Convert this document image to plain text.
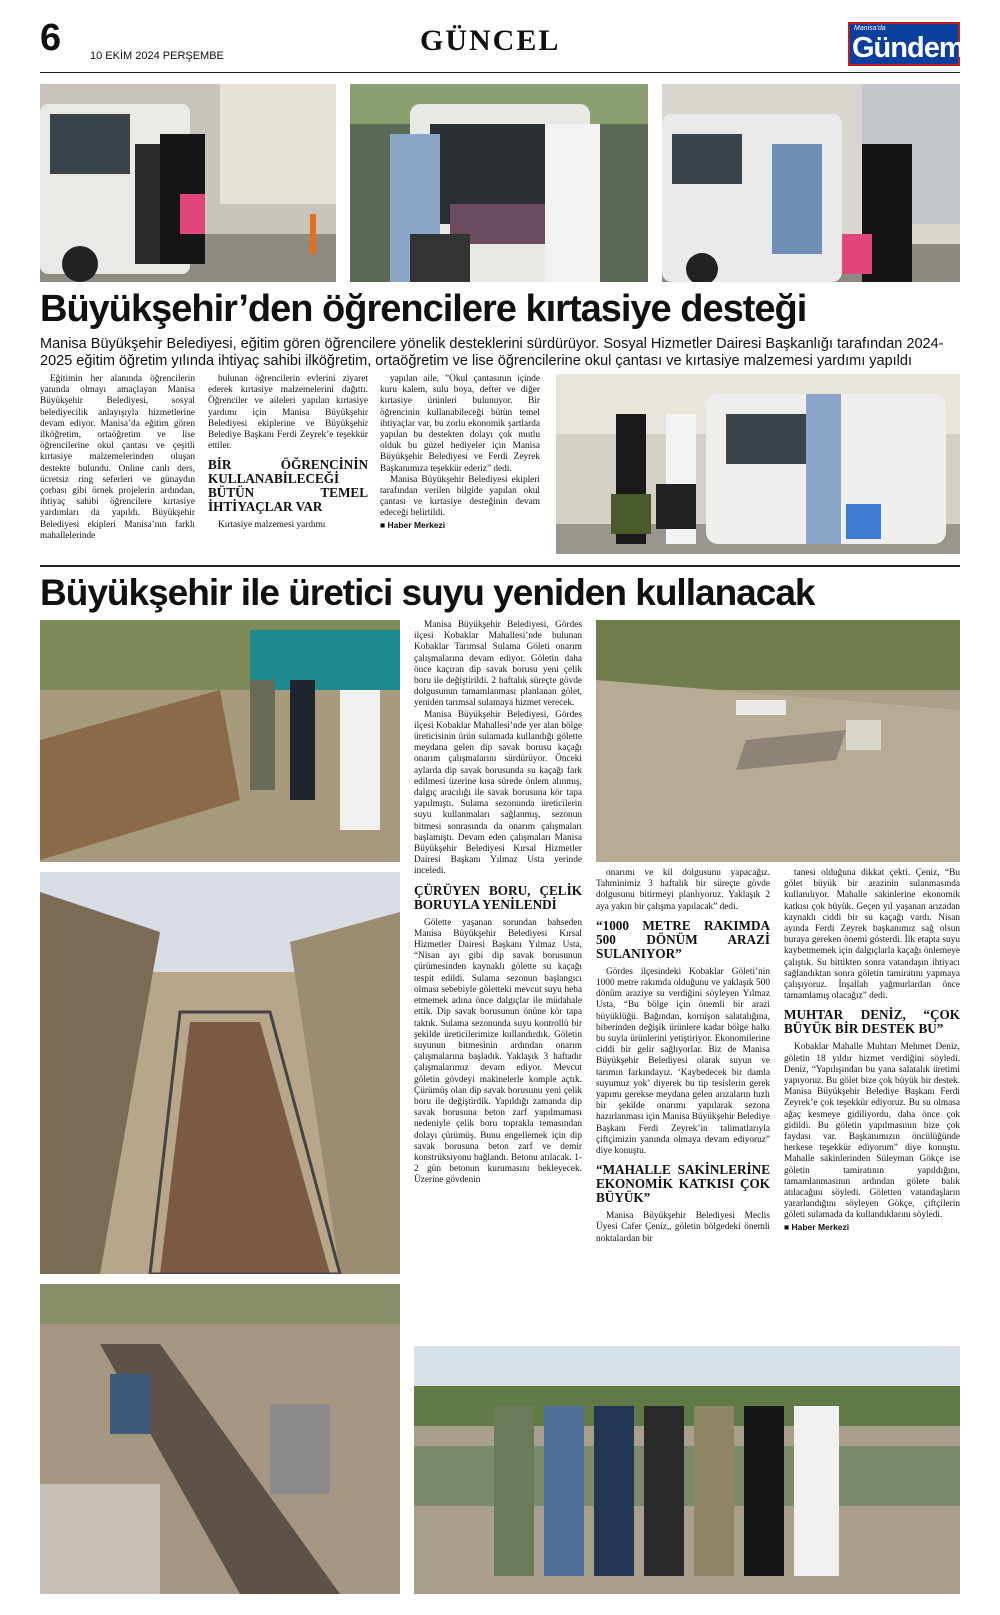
6	10 EKİM 2024 PERŞEMBE	GÜNCEL	Manisa'da
Gündem
Büyükşehir’den öğrencilere kırtasiye desteği
Manisa Büyükşehir Belediyesi, eğitim gören öğrencilere yönelik desteklerini sürdürüyor. Sosyal Hizmetler Dairesi Başkanlığı tarafından 2024-2025 eğitim öğretim yılında ihtiyaç sahibi ilköğretim, ortaöğretim ve lise öğrencilerine okul çantası ve kırtasiye malzemesi yardımı yapıldı

Eğitimin her alanında öğrencilerin yanında olmayı amaçlayan Manisa Büyükşehir Belediyesi, sosyal belediyecilik anlayışıyla hizmetlerine devam ediyor. Manisa’da eğitim gören ilköğretim, ortaöğretim ve lise öğrencilerine okul çantası ve çeşitli kırtasiye malzemelerinden oluşan destekte bulundu. Online canlı ders, ücretsiz ring seferleri ve günaydın çorbası gibi örnek projelerin ardından, ihtiyaç sahibi öğrencilere kırtasiye yardımları da yapıldı. Büyükşehir Belediyesi ekipleri Manisa’nın farklı mahallelerinde

bulunan öğrencilerin evlerini ziyaret ederek kırtasiye malzemelerini dağıttı. Öğrenciler ve aileleri yapılan kırtasiye yardımı için Manisa Büyükşehir Belediyesi ekiplerine ve Büyükşehir Belediye Başkanı Ferdi Zeyrek’e teşekkür ettiler.

BİR ÖĞRENCİNİN KULLANABİLECEĞİ BÜTÜN TEMEL İHTİYAÇLAR VAR

Kırtasiye malzemesi yardımı

yapılan aile, ”Okul çantasının içinde kuru kalem, sulu boya, defter ve diğer kırtasiye ürünleri bulunuyor. Bir öğrencinin kullanabileceği bütün temel ihtiyaçlar var, bu zorlu ekonomik şartlarda yapılan bu destekten dolayı çok mutlu olduk bu güzel hediyeler için Manisa Büyükşehir Belediyesi ve Ferdi Zeyrek Başkanımıza teşekkür ederiz” dedi.

Manisa Büyükşehir Belediyesi ekipleri tarafından verilen bilgide yapılan okul çantası ve kırtasiye desteğinin devam edeceği belirtildi.

■ Haber Merkezi
Büyükşehir ile üretici suyu yeniden kullanacak

Manisa Büyükşehir Belediyesi, Gördes ilçesi Kobaklar Mahallesi’nde bulunan Kobaklar Tarımsal Sulama Göleti onarım çalışmalarına devam ediyor. Göletin daha önce kaçıran dip savak borusu yeni çelik boru ile değiştirildi. 2 haftalık süreçte gövde dolgusunun tamamlanması planlanan gölet, yeniden tarımsal sulamaya hizmet verecek.

Manisa Büyükşehir Belediyesi, Gördes ilçesi Kobaklar Mahallesi’nde yer alan bölge üreticisinin ürün sulamada kullandığı gölette meydana gelen dip savak borusu kaçağı onarım çalışmalarını sürdürüyor. Önceki aylarda dip savak borusunda su kaçağı fark edilmesi üzerine kısa sürede önlem alınmış, dalgıç aracılığı ile savak borusuna kör tapa yapılmıştı. Sulama sezonunda üreticilerin suyu kullanmaları sağlanmış, sezonun bitmesi sonrasında da onarım çalışmaları başlamıştı. Devam eden çalışmaları Manisa Büyükşehir Belediyesi Kırsal Hizmetler Dairesi Başkanı Yılmaz Usta yerinde inceledi.

ÇÜRÜYEN BORU, ÇELİK BORUYLA YENİLENDİ

Gölette yaşanan sorundan bahseden Manisa Büyükşehir Belediyesi Kırsal Hizmetler Dairesi Başkanı Yılmaz Usta, “Nisan ayı gibi dip savak borusunun çürümesinden kaynaklı gölette su kaçağı tespit edildi. Sulama sezonun başlangıcı olması sebebiyle göletteki mevcut suyu heba etmemek adına önce dalgıçlar ile müdahale ettik. Dip savak borusunun önüne kör tapa taktık. Sulama sezonunda suyu kontrollü bir şekilde üreticilerimize kullandırdık. Göletin suyunun bitmesinin ardından onarım çalışmalarına başladık. Yaklaşık 3 haftadır çalışmalarımız devam ediyor. Mevcut göletin gövdeyi makinelerle komple açtık. Çürümüş olan dip savak borusunu yeni çelik boru ile değiştirdik. Yapıldığı zamanda dip savak borusuna beton zarf yapılmaması nedeniyle çelik boru toprakla temasından dolayı çürümüş. Bunu engellemek için dip savak borusuna beton zarf ve demir konstrüksiyonu bağlandı. Betonu atılacak. 1-2 gün betonun kurumasını bekleyecek. Üzerine gövdenin

onarımı ve kil dolgusunu yapacağız. Tahminimiz 3 haftalık bir süreçte gövde dolgusunu bitirmeyi planlıyoruz. Yaklaşık 2 aya yakın bir çalışma yapılacak” dedi.

“1000 METRE RAKIMDA 500 DÖNÜM ARAZİ SULANIYOR”

Gördes ilçesindeki Kobaklar Göleti’nin 1000 metre rakımda olduğunu ve yaklaşık 500 dönüm araziye su verdiğini söyleyen Yılmaz Usta, “Bu bölge için önemli bir arazi büyüklüğü. Bağından, kornişon salatalığına, biberinden değişik ürünlere kadar bölge halkı bu suyla ürünlerini yetiştiriyor. Ekonomilerine ciddi bir gelir sağlıyorlar. Biz de Manisa Büyükşehir Belediyesi olarak suyun ve tarımın farkındayız. ‘Kaybedecek bir damla suyumuz yok’ diyerek bu tip tesislerin gerek yapımı gerekse meydana gelen arızaların hızlı bir şekilde onarımı yapılarak sezona hazırlanması için Manisa Büyükşehir Belediye Başkanı Ferdi Zeyrek’in talimatlarıyla çiftçimizin yanında olmaya devam ediyoruz” diye konuştu.

“MAHALLE SAKİNLERİNE EKONOMİK KATKISI ÇOK BÜYÜK”

Manisa Büyükşehir Belediyesi Meclis Üyesi Cafer Çeniz,, göletin bölgedeki önemli noktalardan bir

tanesi olduğuna dikkat çekti. Çeniz, “Bu gölet büyük bir arazinin sulanmasında kullanılıyor. Mahalle sakinlerine ekonomik katkısı çok büyük. Geçen yıl yaşanan arızadan kaynaklı ciddi bir su kaçağı vardı. Nisan ayında Ferdi Zeyrek başkanımız sağ olsun buraya gereken önemi gösterdi. İlk etapta suyu kaybetmemek için dalgıçlarla kaçağı önlemeye çalıştık. Su bittikten sonra vatandaşın ihtiyacı sağlandıktan sonra göletin tamiratını yapmaya çalışıyoruz. İnşallah yağmurlardan önce tamamlamış olacağız” dedi.

MUHTAR DENİZ, “ÇOK BÜYÜK BİR DESTEK BU”

Kobaklar Mahalle Muhtarı Mehmet Deniz, göletin 18 yıldır hizmet verdiğini söyledi. Deniz, “Yapılışından bu yana salatalık üretimi yapıyoruz. Bu gölet bize çok büyük bir destek. Manisa Büyükşehir Belediye Başkanı Ferdi Zeyrek’e çok teşekkür ediyoruz. Bu su olmasa ağaç kesmeye gidiliyordu, daha önce çok gidildi. Bu göletin yapılmasının bize çok faydası var. Başkanımızın öncülüğünde herkese teşekkür ediyorum” diye konuştu. Mahalle sakinlerinden Süleyman Gökçe ise göletin tamiratının yapıldığını, tamamlanmasının ardından gölete balık atılacağını söyledi. Göletten vatandaşların yararlandığını söyleyen Gökçe, çiftçilerin göleti sulamada da kullandıklarını söyledi.

■ Haber Merkezi
